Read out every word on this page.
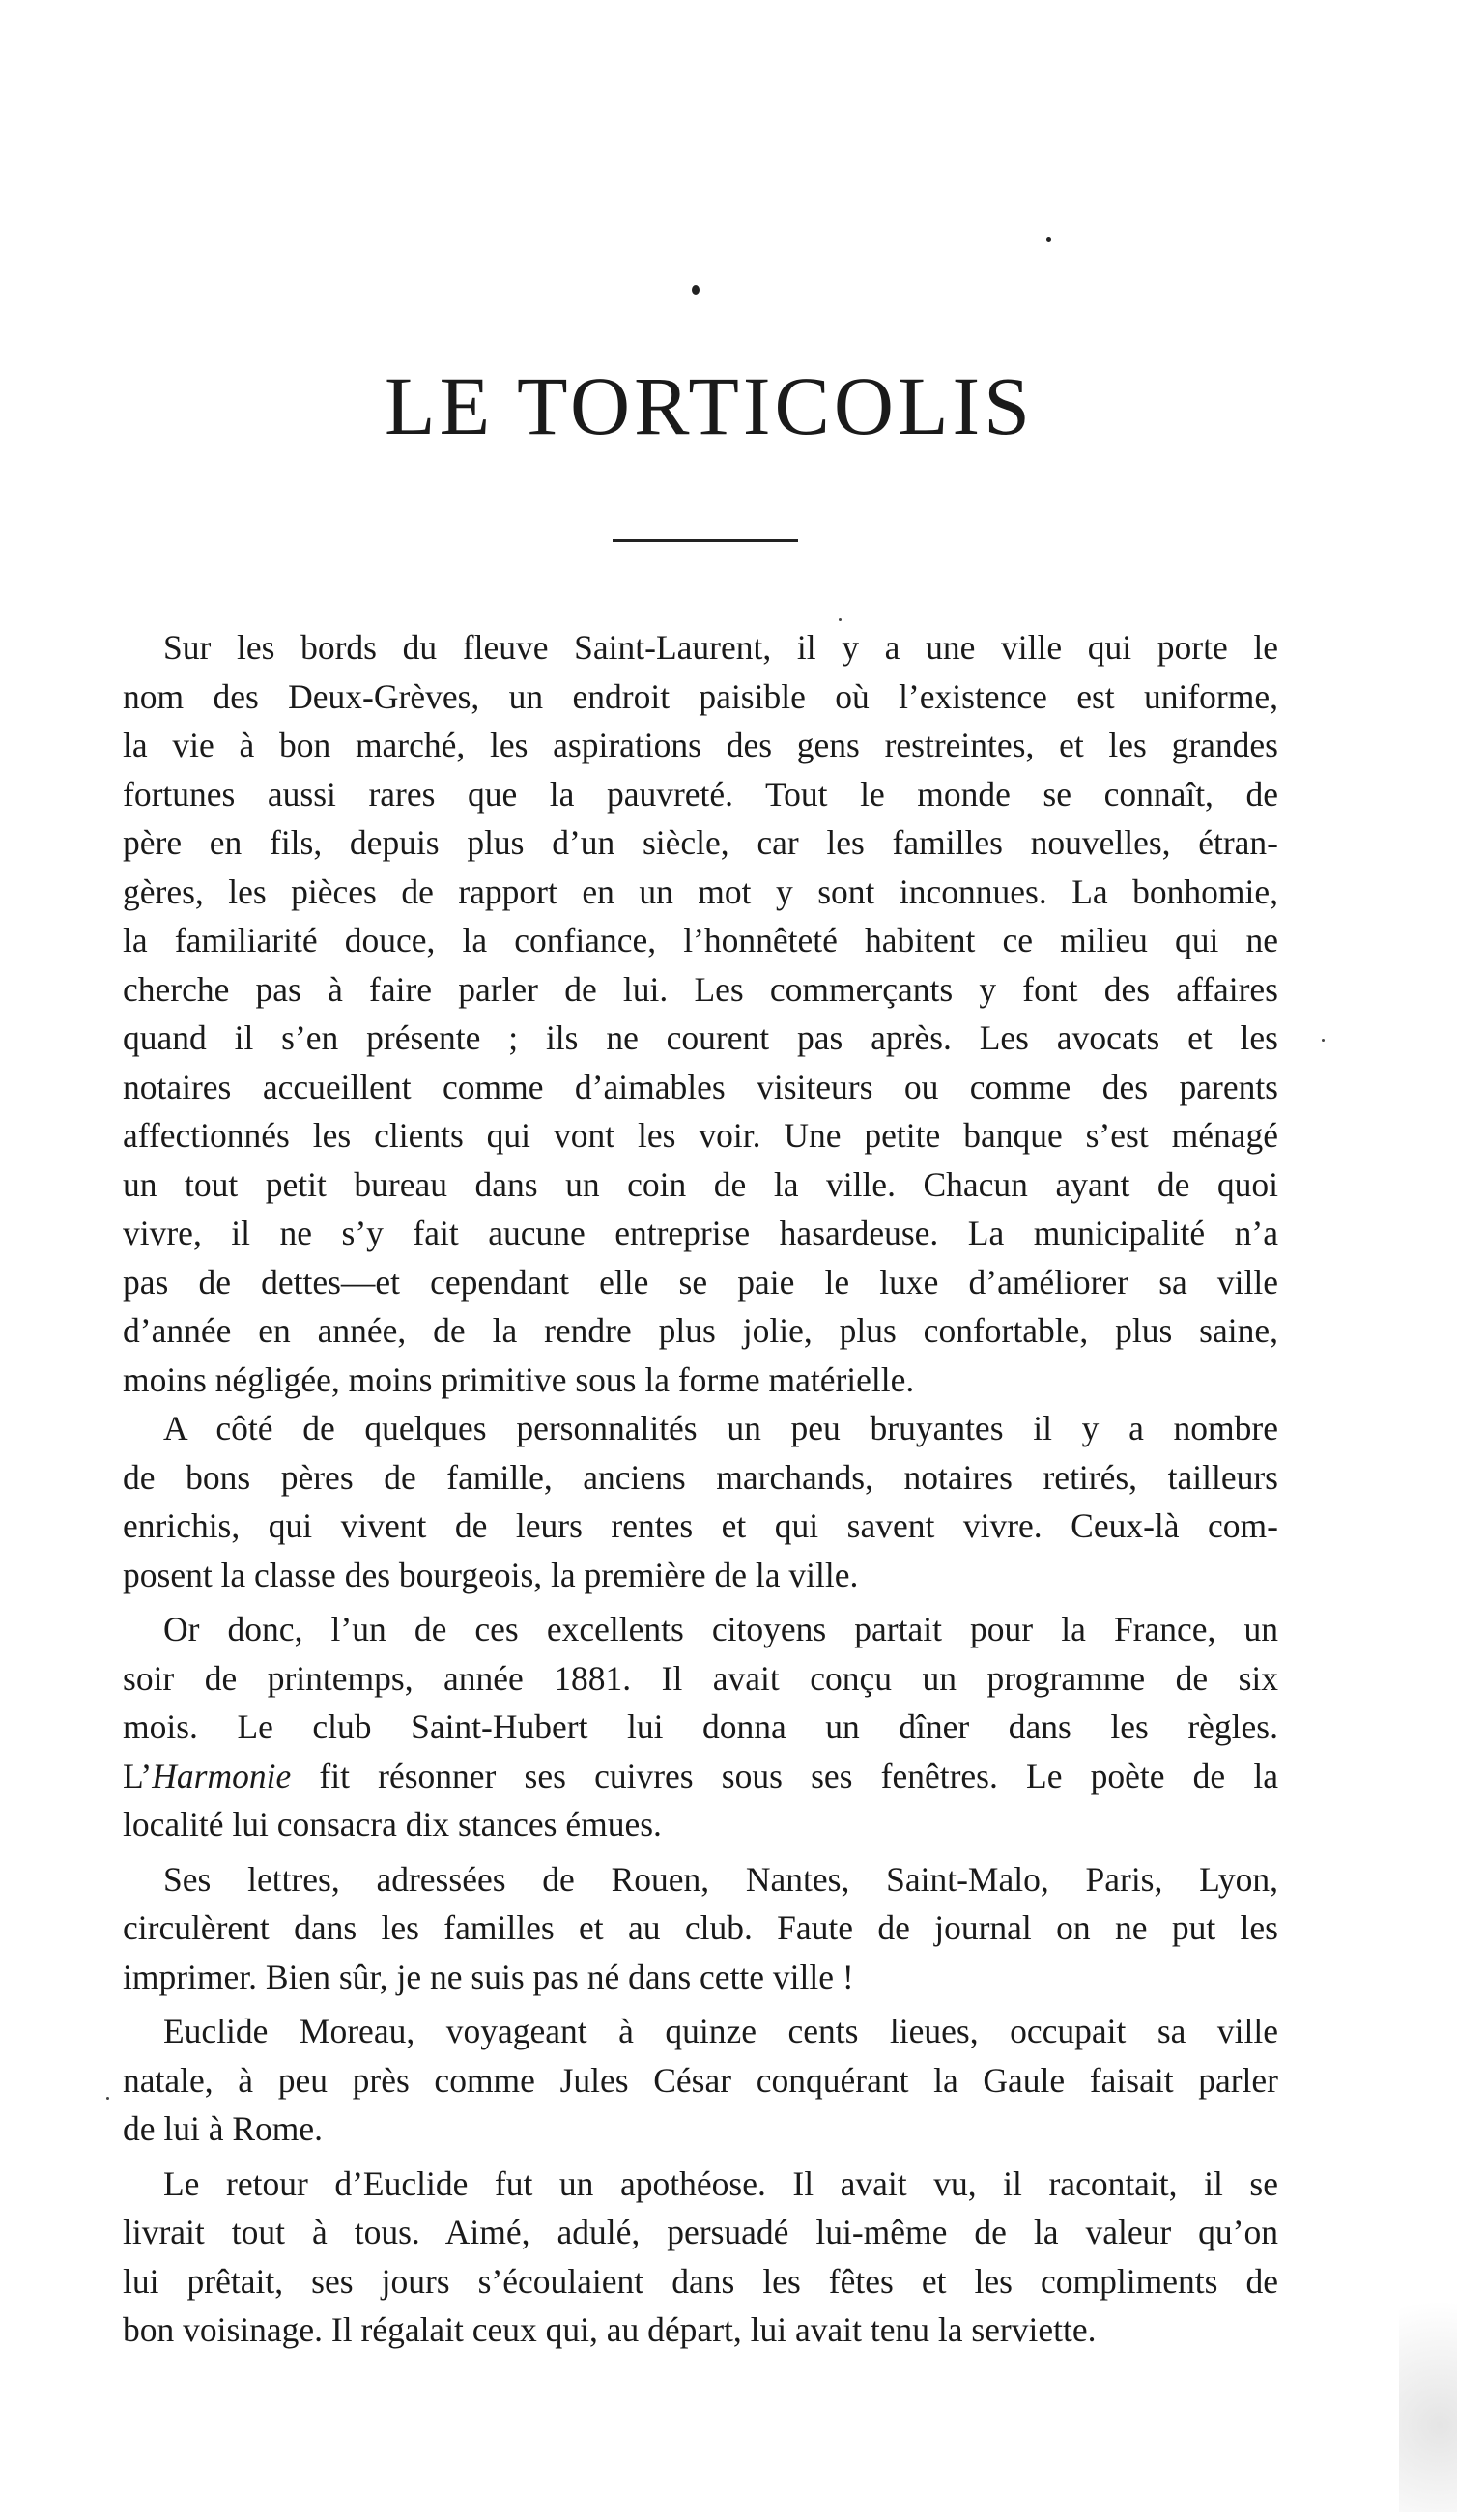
LE TORTICOLIS
Sur les bords du fleuve Saint-Laurent, il y a une ville qui porte le
nom des Deux-Grèves, un endroit paisible où l’existence est uniforme,
la vie à bon marché, les aspirations des gens restreintes, et les grandes
fortunes aussi rares que la pauvreté. Tout le monde se connaît, de
père en fils, depuis plus d’un siècle, car les familles nouvelles, étran-
gères, les pièces de rapport en un mot y sont inconnues. La bonhomie,
la familiarité douce, la confiance, l’honnêteté habitent ce milieu qui ne
cherche pas à faire parler de lui. Les commerçants y font des affaires
quand il s’en présente ; ils ne courent pas après. Les avocats et les
notaires accueillent comme d’aimables visiteurs ou comme des parents
affectionnés les clients qui vont les voir. Une petite banque s’est ménagé
un tout petit bureau dans un coin de la ville. Chacun ayant de quoi
vivre, il ne s’y fait aucune entreprise hasardeuse. La municipalité n’a
pas de dettes—et cependant elle se paie le luxe d’améliorer sa ville
d’année en année, de la rendre plus jolie, plus confortable, plus saine,
moins négligée, moins primitive sous la forme matérielle.
A côté de quelques personnalités un peu bruyantes il y a nombre
de bons pères de famille, anciens marchands, notaires retirés, tailleurs
enrichis, qui vivent de leurs rentes et qui savent vivre. Ceux-là com-
posent la classe des bourgeois, la première de la ville.
Or donc, l’un de ces excellents citoyens partait pour la France, un
soir de printemps, année 1881. Il avait conçu un programme de six
mois. Le club Saint-Hubert lui donna un dîner dans les règles.
L’Harmonie fit résonner ses cuivres sous ses fenêtres. Le poète de la
localité lui consacra dix stances émues.
Ses lettres, adressées de Rouen, Nantes, Saint-Malo, Paris, Lyon,
circulèrent dans les familles et au club. Faute de journal on ne put les
imprimer. Bien sûr, je ne suis pas né dans cette ville !
Euclide Moreau, voyageant à quinze cents lieues, occupait sa ville
natale, à peu près comme Jules César conquérant la Gaule faisait parler
de lui à Rome.
Le retour d’Euclide fut un apothéose. Il avait vu, il racontait, il se
livrait tout à tous. Aimé, adulé, persuadé lui-même de la valeur qu’on
lui prêtait, ses jours s’écoulaient dans les fêtes et les compliments de
bon voisinage. Il régalait ceux qui, au départ, lui avait tenu la serviette.
